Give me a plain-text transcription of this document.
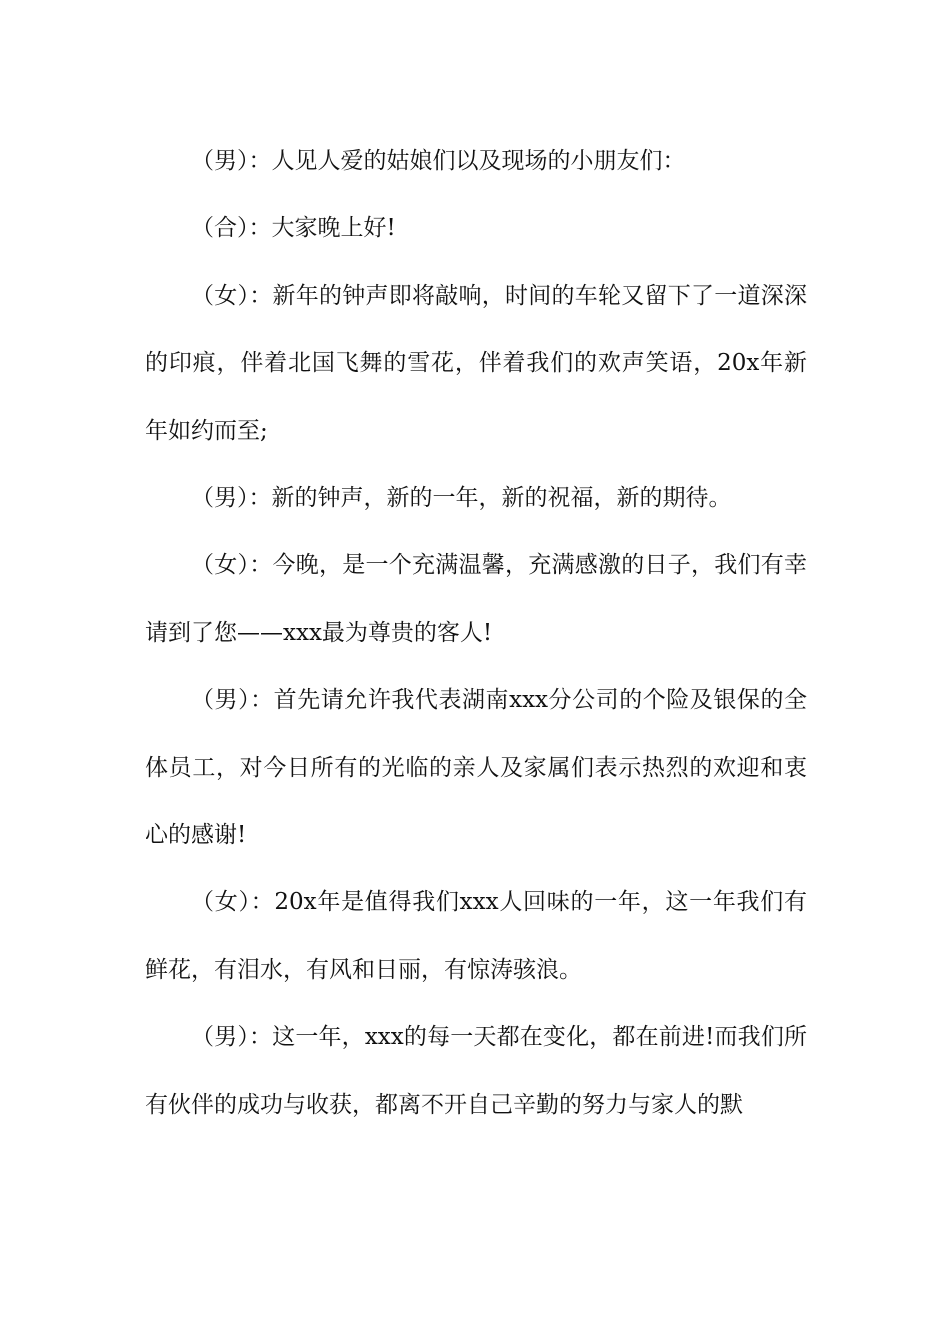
（男）：人见人爱的姑娘们以及现场的小朋友们：

（合）：大家晚上好!

（女）：新年的钟声即将敲响，时间的车轮又留下了一道深深的印痕，伴着北国飞舞的雪花，伴着我们的欢声笑语，20x年新年如约而至;

（男）：新的钟声，新的一年，新的祝福，新的期待。

（女）：今晚，是一个充满温馨，充满感激的日子，我们有幸请到了您——xxx最为尊贵的客人!

（男）：首先请允许我代表湖南xxx分公司的个险及银保的全体员工，对今日所有的光临的亲人及家属们表示热烈的欢迎和衷心的感谢!

（女）：20x年是值得我们xxx人回味的一年，这一年我们有鲜花，有泪水，有风和日丽，有惊涛骇浪。

（男）：这一年，xxx的每一天都在变化，都在前进!而我们所有伙伴的成功与收获，都离不开自己辛勤的努力与家人的默
